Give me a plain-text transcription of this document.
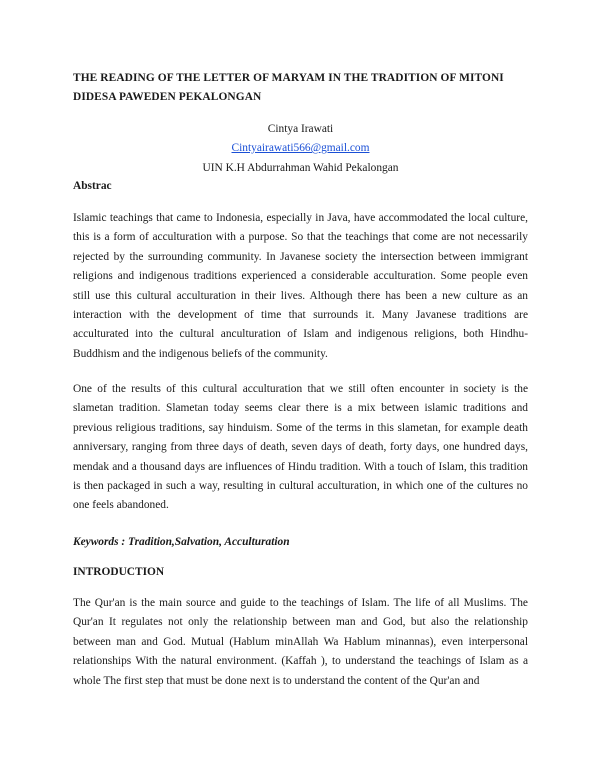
THE READING OF THE LETTER OF MARYAM IN THE TRADITION OF MITONI DIDESA PAWEDEN PEKALONGAN

Cintya Irawati

Cintyairawati566@gmail.com

UIN K.H Abdurrahman Wahid Pekalongan

Abstrac

Islamic teachings that came to Indonesia, especially in Java, have accommodated the local culture, this is a form of acculturation with a purpose. So that the teachings that come are not necessarily rejected by the surrounding community. In Javanese society the intersection between immigrant religions and indigenous traditions experienced a considerable acculturation. Some people even still use this cultural acculturation in their lives. Although there has been a new culture as an interaction with the development of time that surrounds it. Many Javanese traditions are acculturated into the cultural anculturation of Islam and indigenous religions, both Hindhu-Buddhism and the indigenous beliefs of the community.

One of the results of this cultural acculturation that we still often encounter in society is the slametan tradition. Slametan today seems clear there is a mix between islamic traditions and previous religious traditions, say hinduism. Some of the terms in this slametan, for example death anniversary, ranging from three days of death, seven days of death, forty days, one hundred days, mendak and a thousand days are influences of Hindu tradition. With a touch of Islam, this tradition is then packaged in such a way, resulting in cultural acculturation, in which one of the cultures no one feels abandoned.

Keywords : Tradition,Salvation, Acculturation

INTRODUCTION

The Qur'an is the main source and guide to the teachings of Islam. The life of all Muslims. The Qur'an It regulates not only the relationship between man and God, but also the relationship between man and God. Mutual (Hablum minAllah Wa Hablum minannas), even interpersonal relationships With the natural environment. (Kaffah ), to understand the teachings of Islam as a whole The first step that must be done next is to understand the content of the Qur'an and
